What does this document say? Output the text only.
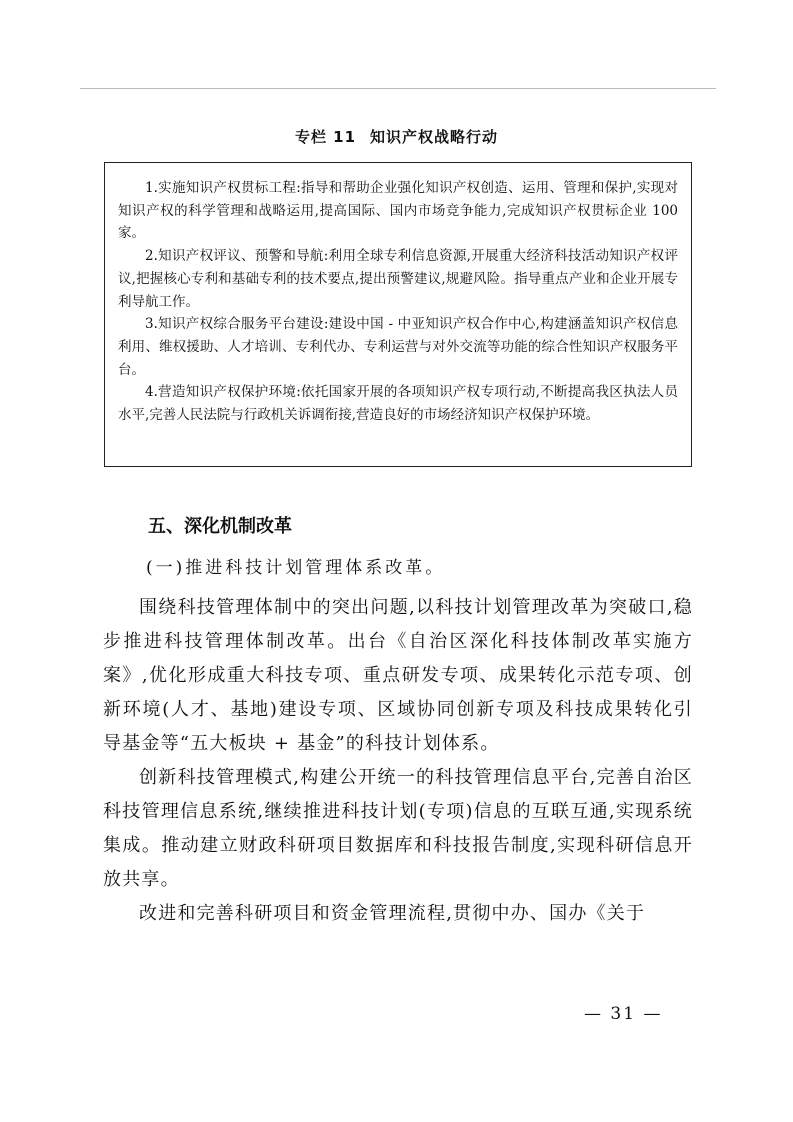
专栏 11 知识产权战略行动

1.实施知识产权贯标工程:指导和帮助企业强化知识产权创造、运用、管理和保护,实现对知识产权的科学管理和战略运用,提高国际、国内市场竞争能力,完成知识产权贯标企业 100 家。

2.知识产权评议、预警和导航:利用全球专利信息资源,开展重大经济科技活动知识产权评议,把握核心专利和基础专利的技术要点,提出预警建议,规避风险。指导重点产业和企业开展专利导航工作。

3.知识产权综合服务平台建设:建设中国 - 中亚知识产权合作中心,构建涵盖知识产权信息利用、维权援助、人才培训、专利代办、专利运营与对外交流等功能的综合性知识产权服务平台。

4.营造知识产权保护环境:依托国家开展的各项知识产权专项行动,不断提高我区执法人员水平,完善人民法院与行政机关诉调衔接,营造良好的市场经济知识产权保护环境。

五、深化机制改革
(一)推进科技计划管理体系改革。

围绕科技管理体制中的突出问题,以科技计划管理改革为突破口,稳步推进科技管理体制改革。出台《自治区深化科技体制改革实施方案》,优化形成重大科技专项、重点研发专项、成果转化示范专项、创新环境(人才、基地)建设专项、区域协同创新专项及科技成果转化引导基金等“五大板块 + 基金”的科技计划体系。

创新科技管理模式,构建公开统一的科技管理信息平台,完善自治区科技管理信息系统,继续推进科技计划(专项)信息的互联互通,实现系统集成。推动建立财政科研项目数据库和科技报告制度,实现科研信息开放共享。

改进和完善科研项目和资金管理流程,贯彻中办、国办《关于

— 31 —
